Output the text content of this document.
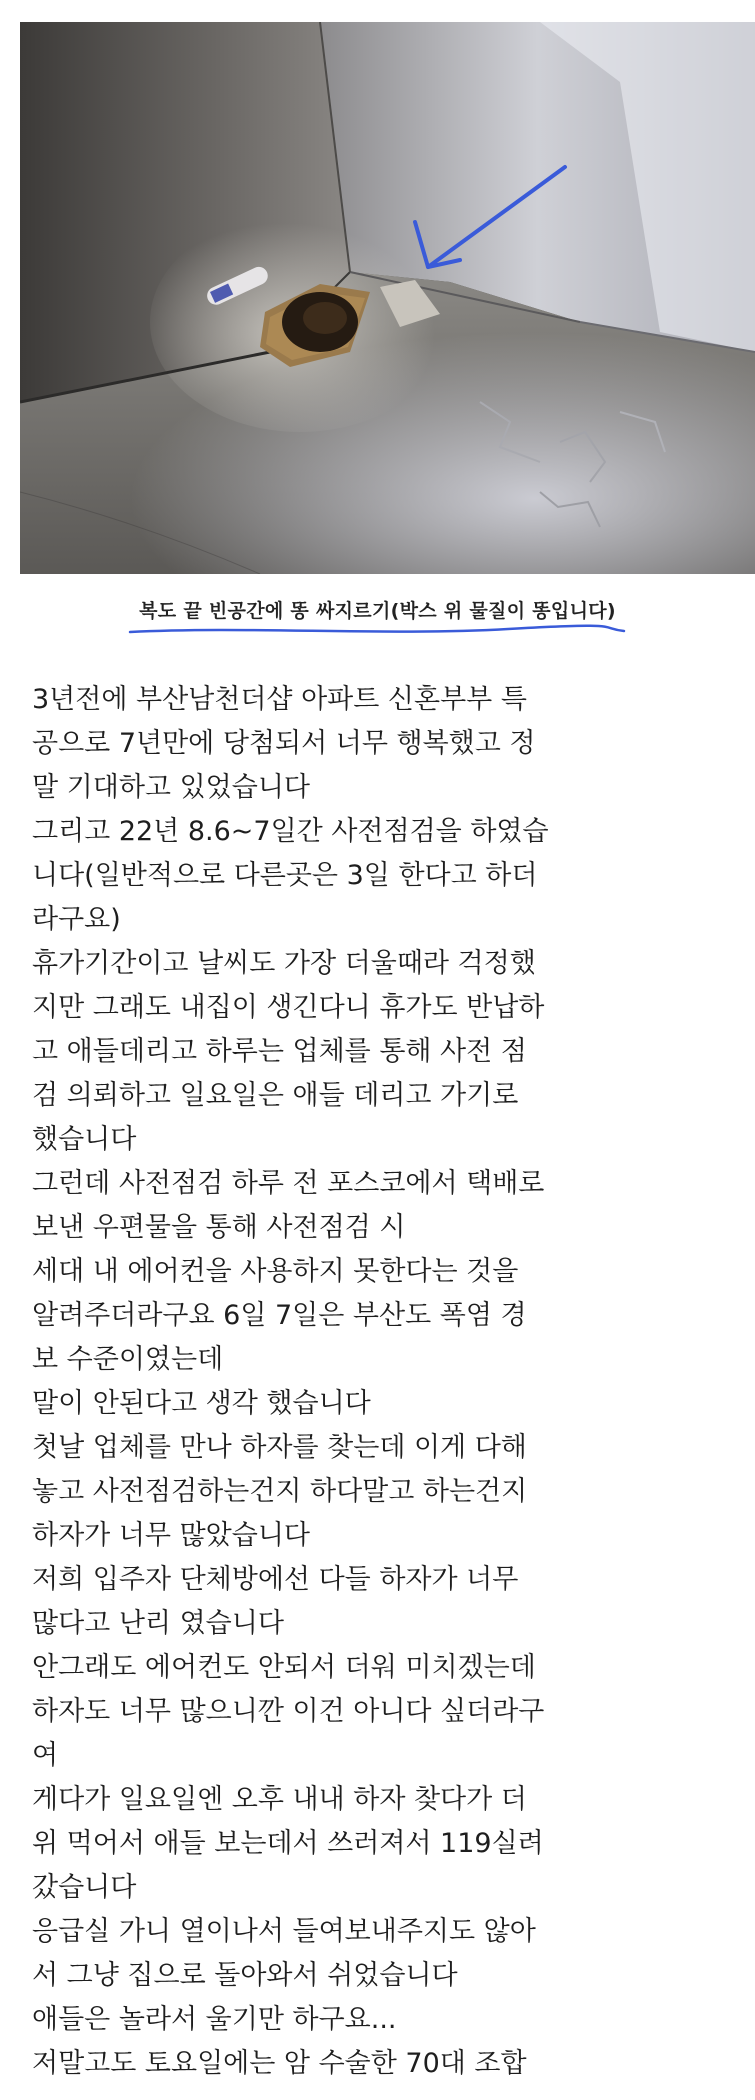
복도 끝 빈공간에 똥 싸지르기(박스 위 물질이 똥입니다)
3년전에 부산남천더샵 아파트 신혼부부 특
공으로 7년만에 당첨되서 너무 행복했고 정
말 기대하고 있었습니다
그리고 22년 8.6~7일간 사전점검을 하였습
니다(일반적으로 다른곳은 3일 한다고 하더
라구요)
휴가기간이고 날씨도 가장 더울때라 걱정했
지만 그래도 내집이 생긴다니 휴가도 반납하
고 애들데리고 하루는 업체를 통해 사전 점
검 의뢰하고 일요일은 애들 데리고 가기로
했습니다
그런데 사전점검 하루 전 포스코에서 택배로
보낸 우편물을 통해 사전점검 시
세대 내 에어컨을 사용하지 못한다는 것을
알려주더라구요 6일 7일은 부산도 폭염 경
보 수준이였는데
말이 안된다고 생각 했습니다
첫날 업체를 만나 하자를 찾는데 이게 다해
놓고 사전점검하는건지 하다말고 하는건지
하자가 너무 많았습니다
저희 입주자 단체방에선 다들 하자가 너무
많다고 난리 였습니다
안그래도 에어컨도 안되서 더워 미치겠는데
하자도 너무 많으니깐 이건 아니다 싶더라구
여
게다가 일요일엔 오후 내내 하자 찾다가 더
위 먹어서 애들 보는데서 쓰러져서 119실려
갔습니다
응급실 가니 열이나서 들여보내주지도 않아
서 그냥 집으로 돌아와서 쉬었습니다
애들은 놀라서 울기만 하구요...
저말고도 토요일에는 암 수술한 70대 조합
